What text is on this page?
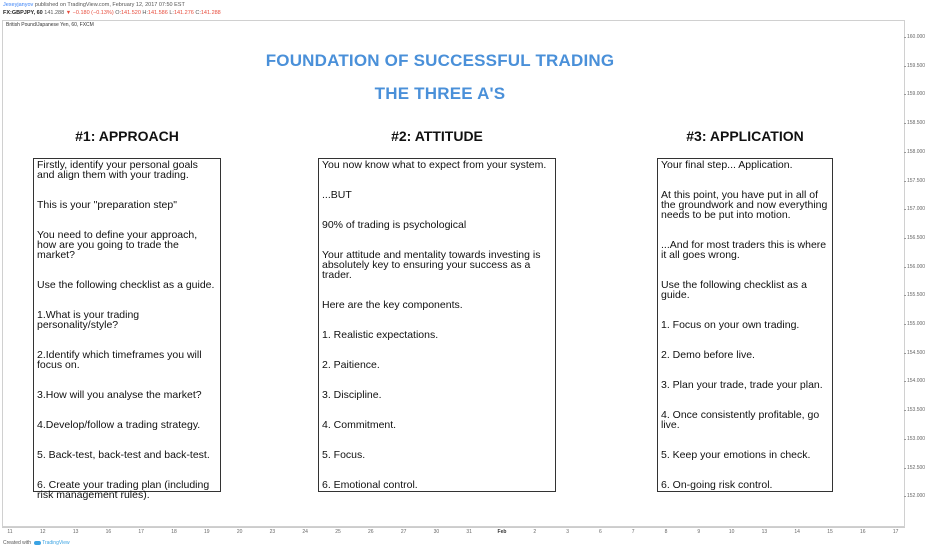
Jexeyjanyov published on TradingView.com, February 12, 2017 07:50 EST
FX:GBPJPY, 60 141.288 ▼ −0.180 (−0.13%) O:141.520 H:141.586 L:141.276 C:141.288
British Pound/Japanese Yen, 60, FXCM
160.000
159.500
159.000
158.500
158.000
157.500
157.000
156.500
156.000
155.500
155.000
154.500
154.000
153.500
153.000
152.500
152.000
11	12	13	16	17	18	19	20	23	24	25	26	27	30	31	Feb	2	3	6	7	8	9	10	13	14	15	16	17
FOUNDATION OF SUCCESSFUL TRADING
THE THREE A'S
#1: APPROACH	#2: ATTITUDE	#3: APPLICATION
Firstly, identify your personal goals and align them with your trading.
This is your "preparation step"
You need to define your approach, how are you going to trade the market?
Use the following checklist as a guide.
1.What is your trading personality/style?
2.Identify which timeframes you will focus on.
3.How will you analyse the market?
4.Develop/follow a trading strategy.
5. Back-test, back-test and back-test.
6. Create your trading plan (including risk management rules).
You now know what to expect from your system.
...BUT
90% of trading is psychological
Your attitude and mentality towards investing is absolutely key to ensuring your success as a trader.
Here are the key components.
1. Realistic expectations.
2. Paitience.
3. Discipline.
4. Commitment.
5. Focus.
6. Emotional control.
Your final step... Application.
At this point, you have put in all of the groundwork and now everything needs to be put into motion.
...And for most traders this is where it all goes wrong.
Use the following checklist as a guide.
1. Focus on your own trading.
2. Demo before live.
3. Plan your trade, trade your plan.
4. Once consistently profitable, go live.
5. Keep your emotions in check.
6. On-going risk control.
Created with TradingView
